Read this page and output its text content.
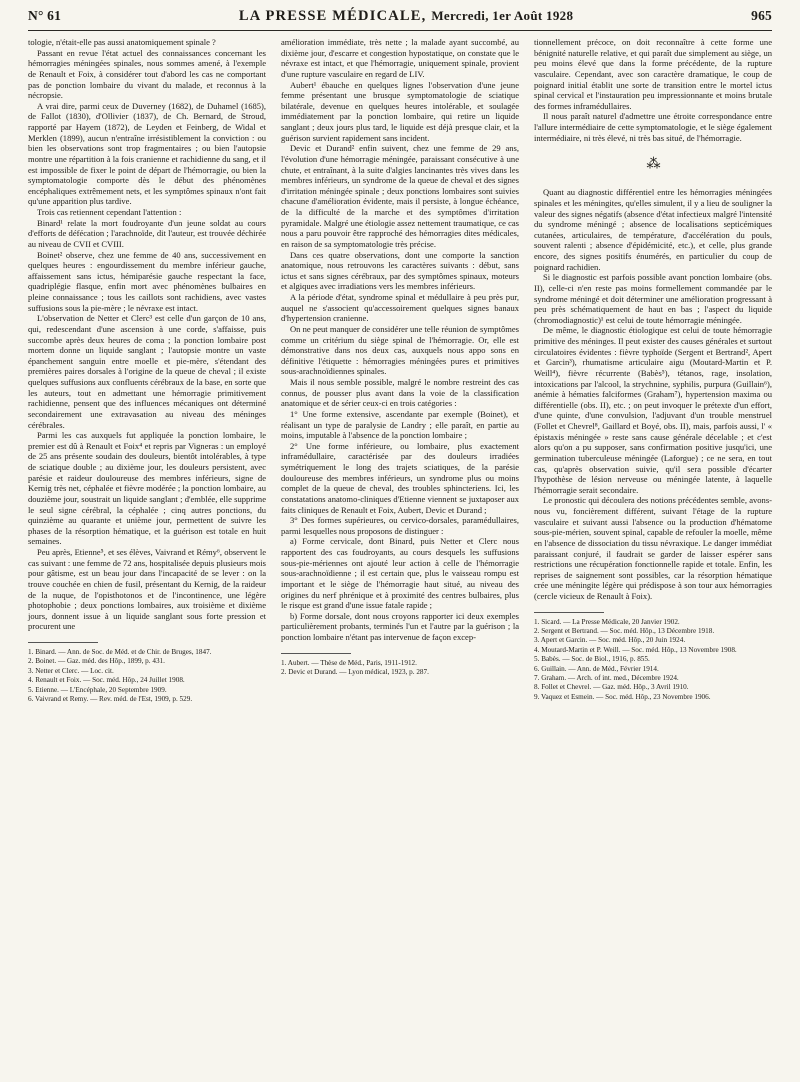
N° 61	LA PRESSE MÉDICALE, Mercredi, 1er Août 1928	965

tologie, n'était-elle pas aussi anatomiquement spinale ?

Passant en revue l'état actuel des connaissances concernant les hémorragies méningées spinales, nous sommes amené, à l'exemple de Renault et Foix, à considérer tout d'abord les cas ne comportant pas de ponction lombaire du vivant du malade, et reconnus à la nécropsie.

A vrai dire, parmi ceux de Duverney (1682), de Duhamel (1685), de Fallot (1830), d'Ollivier (1837), de Ch. Bernard, de Stroud, rapporté par Hayem (1872), de Leyden et Feinberg, de Widal et Merklen (1899), aucun n'entraîne irrésistiblement la conviction : ou bien les observations sont trop fragmentaires ; ou bien l'autopsie montre une répartition à la fois cranienne et rachidienne du sang, et il est impossible de fixer le point de départ de l'hémorragie, ou bien la symptomatologie comporte dès le début des phénomènes encéphaliques extrêmement nets, et les symptômes spinaux n'ont fait qu'une apparition plus tardive.

Trois cas retiennent cependant l'attention :

Binard¹ relate la mort foudroyante d'un jeune soldat au cours d'efforts de défécation ; l'arachnoïde, dit l'auteur, est trouvée déchirée au niveau de CVII et CVIII.

Boinet² observe, chez une femme de 40 ans, successivement en quelques heures : engourdissement du membre inférieur gauche, affaissement sans ictus, hémiparésie gauche respectant la face, quadriplégie flasque, enfin mort avec phénomènes bulbaires en pleine connaissance ; tous les caillots sont rachidiens, avec vastes suffusions sous la pie-mère ; le névraxe est intact.

L'observation de Netter et Clerc³ est celle d'un garçon de 10 ans, qui, redescendant d'une ascension à une corde, s'affaisse, puis succombe après deux heures de coma ; la ponction lombaire post mortem donne un liquide sanglant ; l'autopsie montre un vaste épanchement sanguin entre moelle et pie-mère, s'étendant des premières paires dorsales à l'origine de la queue de cheval ; il existe quelques suffusions aux confluents cérébraux de la base, en sorte que les auteurs, tout en admettant une hémorragie primitivement rachidienne, pensent que des influences mécaniques ont déterminé secondairement une extravasation au niveau des méninges cérébrales.

Parmi les cas auxquels fut appliquée la ponction lombaire, le premier est dû à Renault et Foix⁴ et repris par Vigneras : un employé de 25 ans présente soudain des douleurs, bientôt intolérables, à type de sciatique double ; au dixième jour, les douleurs persistent, avec parésie et raideur douloureuse des membres inférieurs, signe de Kernig très net, céphalée et fièvre modérée ; la ponction lombaire, au douzième jour, soustrait un liquide sanglant ; d'emblée, elle supprime le seul signe cérébral, la céphalée ; cinq autres ponctions, du quinzième au quarante et unième jour, permettent de suivre les phases de la résorption hématique, et la guérison est totale en huit semaines.

Peu après, Etienne⁵, et ses élèves, Vaivrand et Rémy⁶, observent le cas suivant : une femme de 72 ans, hospitalisée depuis plusieurs mois pour gâtisme, est un beau jour dans l'incapacité de se lever : on la trouve couchée en chien de fusil, présentant du Kernig, de la raideur de la nuque, de l'opisthotonos et de l'incontinence, une légère photophobie ; deux ponctions lombaires, aux troisième et dixième jours, donnent issue à un liquide sanglant sous forte pression et procurent une

1. Binard. — Ann. de Soc. de Méd. et de Chir. de Bruges, 1847.
2. Boinet. — Gaz. méd. des Hôp., 1899, p. 431.
3. Netter et Clerc. — Loc. cit.
4. Renault et Foix. — Soc. méd. Hôp., 24 Juillet 1908.
5. Etienne. — L'Encéphale, 20 Septembre 1909.
6. Vaivrand et Remy. — Rev. méd. de l'Est, 1909, p. 529.

amélioration immédiate, très nette ; la malade ayant succombé, au dixième jour, d'escarre et congestion hypostatique, on constate que le névraxe est intact, et que l'hémorragie, uniquement spinale, provient d'une rupture vasculaire en regard de LIV.

Aubert¹ ébauche en quelques lignes l'observation d'une jeune femme présentant une brusque symptomatologie de sciatique bilatérale, devenue en quelques heures intolérable, et soulagée immédiatement par la ponction lombaire, qui retire un liquide sanglant ; deux jours plus tard, le liquide est déjà presque clair, et la guérison survient rapidement sans incident.

Devic et Durand² enfin suivent, chez une femme de 29 ans, l'évolution d'une hémorragie méningée, paraissant consécutive à une chute, et entraînant, à la suite d'algies lancinantes très vives dans les membres inférieurs, un syndrome de la queue de cheval et des signes d'irritation méningée spinale ; deux ponctions lombaires sont suivies chacune d'amélioration évidente, mais il persiste, à longue échéance, de la difficulté de la marche et des symptômes d'irritation pyramidale. Malgré une étiologie assez nettement traumatique, ce cas nous a paru pouvoir être rapproché des hémorragies dites médicales, en raison de sa symptomatologie très précise.

Dans ces quatre observations, dont une comporte la sanction anatomique, nous retrouvons les caractères suivants : début, sans ictus et sans signes cérébraux, par des symptômes spinaux, moteurs et algiques avec irradiations vers les membres inférieurs.

A la période d'état, syndrome spinal et médullaire à peu près pur, auquel ne s'associent qu'accessoirement quelques signes banaux d'hypertension cranienne.

On ne peut manquer de considérer une telle réunion de symptômes comme un critérium du siège spinal de l'hémorragie. Or, elle est démonstrative dans nos deux cas, auxquels nous appo sons en définitive l'étiquette : hémorragies méningées pures et primitives sous-arachnoïdiennes spinales.

Mais il nous semble possible, malgré le nombre restreint des cas connus, de pousser plus avant dans la voie de la classification anatomique et de sérier ceux-ci en trois catégories :

1° Une forme extensive, ascendante par exemple (Boinet), et réalisant un type de paralysie de Landry ; elle paraît, en partie au moins, imputable à l'absence de la ponction lombaire ;

2° Une forme inférieure, ou lombaire, plus exactement inframédullaire, caractérisée par des douleurs irradiées symétriquement le long des trajets sciatiques, de la parésie douloureuse des membres inférieurs, un syndrome plus ou moins complet de la queue de cheval, des troubles sphincteriens. Ici, les constatations anatomo-cliniques d'Etienne viennent se juxtaposer aux faits cliniques de Renault et Foix, Aubert, Devic et Durand ;

3° Des formes supérieures, ou cervico-dorsales, paramédullaires, parmi lesquelles nous proposons de distinguer :

a) Forme cervicale, dont Binard, puis Netter et Clerc nous rapportent des cas foudroyants, au cours desquels les suffusions sous-pie-mériennes ont ajouté leur action à celle de l'hémorragie sous-arachnoïdienne ; il est certain que, plus le vaisseau rompu est important et le siège de l'hémorragie haut situé, au niveau des origines du nerf phrénique et à proximité des centres bulbaires, plus le risque est grand d'une issue fatale rapide ;

b) Forme dorsale, dont nous croyons rapporter ici deux exemples particulièrement probants, terminés l'un et l'autre par la guérison ; la ponction lombaire n'étant pas intervenue de façon excep-

1. Aubert. — Thèse de Méd., Paris, 1911-1912.
2. Devic et Durand. — Lyon médical, 1923, p. 287.

tionnellement précoce, on doit reconnaître à cette forme une bénignité naturelle relative, et qui paraît due simplement au siège, un peu moins élevé que dans la forme précédente, de la rupture vasculaire. Cependant, avec son caractère dramatique, le coup de poignard initial établit une sorte de transition entre le mortel ictus spinal cervical et l'instauration peu impressionnante et moins brutale des formes inframédullaires.

Il nous paraît naturel d'admettre une étroite correspondance entre l'allure intermédiaire de cette symptomatologie, et le siège également intermédiaire, ni très élevé, ni très bas situé, de l'hémorragie.

⁂

Quant au diagnostic différentiel entre les hémorragies méningées spinales et les méningites, qu'elles simulent, il y a lieu de souligner la valeur des signes négatifs (absence d'état infectieux malgré l'intensité du syndrome méningé ; absence de localisations septicémiques cutanées, articulaires, de température, d'accélération du pouls, souvent ralenti ; absence d'épidémicité, etc.), et celle, plus grande encore, des signes positifs énumérés, en particulier du coup de poignard rachidien.

Si le diagnostic est parfois possible avant ponction lombaire (obs. II), celle-ci n'en reste pas moins formellement commandée par le syndrome méningé et doit déterminer une amélioration progressant à peu près schématiquement de haut en bas ; l'aspect du liquide (chromodiagnostic)¹ est celui de toute hémorragie méningée.

De même, le diagnostic étiologique est celui de toute hémorragie primitive des méninges. Il peut exister des causes générales et surtout circulatoires évidentes : fièvre typhoïde (Sergent et Bertrand², Apert et Garcin³), rhumatisme articulaire aigu (Moutard-Martin et P. Weill⁴), fièvre récurrente (Babès⁵), tétanos, rage, insolation, intoxications par l'alcool, la strychnine, syphilis, purpura (Guillain⁶), anémie à hématies falciformes (Graham⁷), hypertension maxima ou différentielle (obs. II), etc. ; on peut invoquer le prétexte d'un effort, d'une quinte, d'une convulsion, l'adjuvant d'un trouble menstruel (Follet et Chevrel⁸, Gaillard et Boyé, obs. II), mais, parfois aussi, l' « épistaxis méningée » reste sans cause générale décelable ; et c'est alors qu'on a pu supposer, sans confirmation positive jusqu'ici, une germination tuberculeuse méningée (Laforgue) ; ce ne sera, en tout cas, qu'après observation suivie, qu'il sera possible d'écarter l'hypothèse de lésion nerveuse ou méningée latente, à laquelle l'hémorragie serait secondaire.

Le pronostic qui découlera des notions précédentes semble, avons-nous vu, foncièrement différent, suivant l'étage de la rupture vasculaire et suivant aussi l'absence ou la production d'hématome sous-pie-mérien, souvent spinal, capable de refouler la moelle, même en l'absence de dissociation du tissu névraxique. Le danger immédiat paraissant conjuré, il faudrait se garder de laisser espérer sans restrictions une récupération fonctionnelle rapide et totale. Enfin, les reprises de saignement sont possibles, car la résorption hématique crée une méningite légère qui prédispose à son tour aux hémorragies (cercle vicieux de Renault à Foix).

1. Sicard. — La Presse Médicale, 20 Janvier 1902.
2. Sergent et Bertrand. — Soc. méd. Hôp., 13 Décembre 1918.
3. Apert et Garcin. — Soc. méd. Hôp., 20 Juin 1924.
4. Moutard-Martin et P. Weill. — Soc. méd. Hôp., 13 Novembre 1908.
5. Babès. — Soc. de Biol., 1916, p. 855.
6. Guillain. — Ann. de Méd., Février 1914.
7. Graham. — Arch. of int. med., Décembre 1924.
8. Follet et Chevrel. — Gaz. méd. Hôp., 3 Avril 1910.
9. Vaquez et Esmein. — Soc. méd. Hôp., 23 Novembre 1906.
